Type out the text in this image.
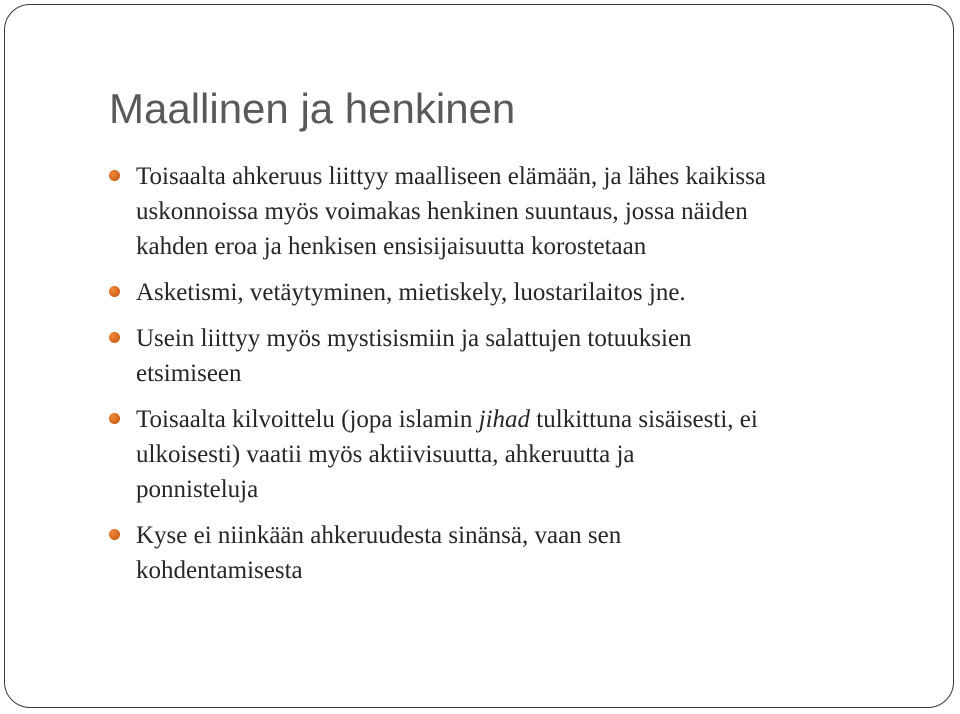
Maallinen ja henkinen
Toisaalta ahkeruus liittyy maalliseen elämään, ja lähes kaikissa
uskonnoissa myös voimakas henkinen suuntaus, jossa näiden
kahden eroa ja henkisen ensisijaisuutta korostetaan
Asketismi, vetäytyminen, mietiskely, luostarilaitos jne.
Usein liittyy myös mystisismiin ja salattujen totuuksien
etsimiseen
Toisaalta kilvoittelu (jopa islamin jihad tulkittuna sisäisesti, ei
ulkoisesti) vaatii myös aktiivisuutta, ahkeruutta ja
ponnisteluja
Kyse ei niinkään ahkeruudesta sinänsä, vaan sen
kohdentamisesta
